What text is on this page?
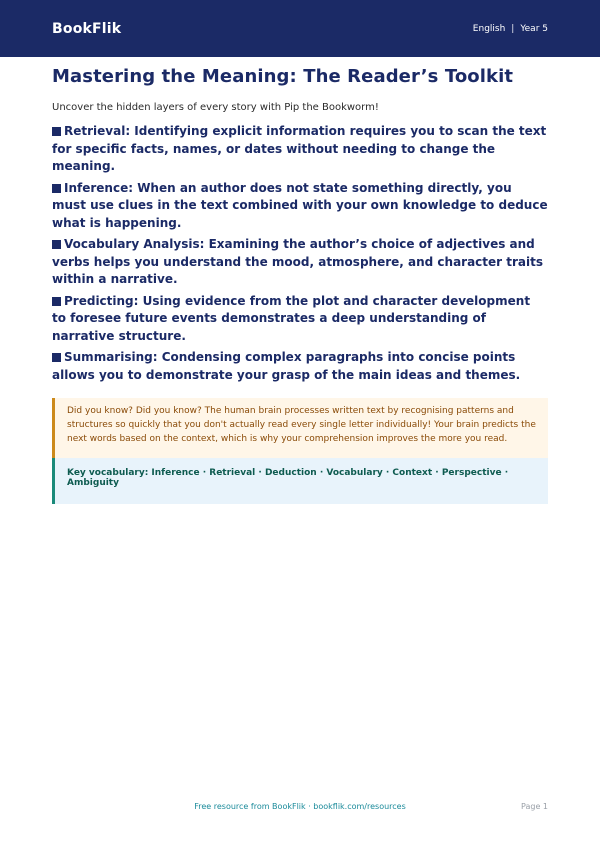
BookFlik	English | Year 5
Mastering the Meaning: The Reader’s Toolkit
Uncover the hidden layers of every story with Pip the Bookworm!
Retrieval: Identifying explicit information requires you to scan the text for specific facts, names, or dates without needing to change the meaning.
Inference: When an author does not state something directly, you must use clues in the text combined with your own knowledge to deduce what is happening.
Vocabulary Analysis: Examining the author’s choice of adjectives and verbs helps you understand the mood, atmosphere, and character traits within a narrative.
Predicting: Using evidence from the plot and character development to foresee future events demonstrates a deep understanding of narrative structure.
Summarising: Condensing complex paragraphs into concise points allows you to demonstrate your grasp of the main ideas and themes.
Did you know? Did you know? The human brain processes written text by recognising patterns and structures so quickly that you don't actually read every single letter individually! Your brain predicts the next words based on the context, which is why your comprehension improves the more you read.
Key vocabulary: Inference · Retrieval · Deduction · Vocabulary · Context · Perspective · Ambiguity
Free resource from BookFlik · bookflik.com/resources	Page 1
